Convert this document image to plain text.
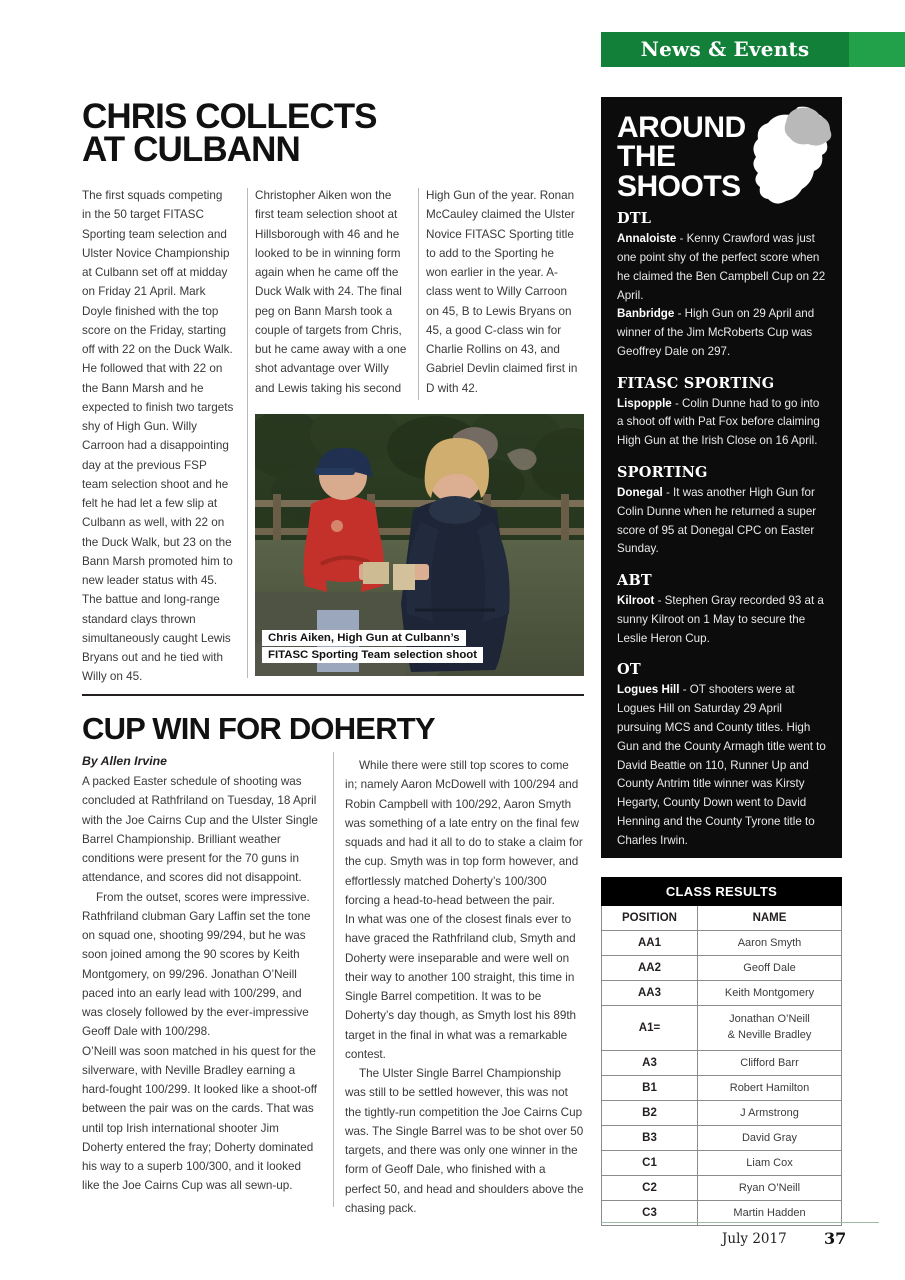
News & Events
CHRIS COLLECTS
AT CULBANN

The first squads competing in the 50 target FITASC Sporting team selection and Ulster Novice Championship at Culbann set off at midday on Friday 21 April. Mark Doyle finished with the top score on the Friday, starting off with 22 on the Duck Walk. He followed that with 22 on the Bann Marsh and he expected to finish two targets shy of High Gun. Willy Carroon had a disappointing day at the previous FSP team selection shoot and he felt he had let a few slip at Culbann as well, with 22 on the Duck Walk, but 23 on the Bann Marsh promoted him to new leader status with 45. The battue and long-range standard clays thrown simultaneously caught Lewis Bryans out and he tied with Willy on 45.

Christopher Aiken won the first team selection shoot at Hillsborough with 46 and he looked to be in winning form again when he came off the Duck Walk with 24. The final peg on Bann Marsh took a couple of targets from Chris, but he came away with a one shot advantage over Willy and Lewis taking his second

High Gun of the year. Ronan McCauley claimed the Ulster Novice FITASC Sporting title to add to the Sporting he won earlier in the year. A-class went to Willy Carroon on 45, B to Lewis Bryans on 45, a good C-class win for Charlie Rollins on 43, and Gabriel Devlin claimed first in D with 42.

Chris Aiken, High Gun at Culbann’s
FITASC Sporting Team selection shoot
CUP WIN FOR DOHERTY
By Allen Irvine

A packed Easter schedule of shooting was concluded at Rathfriland on Tuesday, 18 April with the Joe Cairns Cup and the Ulster Single Barrel Championship. Brilliant weather conditions were present for the 70 guns in attendance, and scores did not disappoint.

From the outset, scores were impressive. Rathfriland clubman Gary Laffin set the tone on squad one, shooting 99/294, but he was soon joined among the 90 scores by Keith Montgomery, on 99/296. Jonathan O’Neill paced into an early lead with 100/299, and was closely followed by the ever-impressive Geoff Dale with 100/298.

O’Neill was soon matched in his quest for the silverware, with Neville Bradley earning a hard-fought 100/299. It looked like a shoot-off between the pair was on the cards. That was until top Irish international shooter Jim Doherty entered the fray; Doherty dominated his way to a superb 100/300, and it looked like the Joe Cairns Cup was all sewn-up.

While there were still top scores to come in; namely Aaron McDowell with 100/294 and Robin Campbell with 100/292, Aaron Smyth was something of a late entry on the final few squads and had it all to do to stake a claim for the cup. Smyth was in top form however, and effortlessly matched Doherty’s 100/300 forcing a head-to-head between the pair.

In what was one of the closest finals ever to have graced the Rathfriland club, Smyth and Doherty were inseparable and were well on their way to another 100 straight, this time in Single Barrel competition. It was to be Doherty’s day though, as Smyth lost his 89th target in the final in what was a remarkable contest.

The Ulster Single Barrel Championship was still to be settled however, this was not the tightly-run competition the Joe Cairns Cup was. The Single Barrel was to be shot over 50 targets, and there was only one winner in the form of Geoff Dale, who finished with a perfect 50, and head and shoulders above the chasing pack.

AROUND
THE
SHOOTS
DTL

Annaloiste - Kenny Crawford was just one point shy of the perfect score when he claimed the Ben Campbell Cup on 22 April.

Banbridge - High Gun on 29 April and winner of the Jim McRoberts Cup was Geoffrey Dale on 297.

FITASC SPORTING

Lispopple - Colin Dunne had to go into a shoot off with Pat Fox before claiming High Gun at the Irish Close on 16 April.

SPORTING

Donegal - It was another High Gun for Colin Dunne when he returned a super score of 95 at Donegal CPC on Easter Sunday.

ABT

Kilroot - Stephen Gray recorded 93 at a sunny Kilroot on 1 May to secure the Leslie Heron Cup.

OT

Logues Hill - OT shooters were at Logues Hill on Saturday 29 April pursuing MCS and County titles. High Gun and the County Armagh title went to David Beattie on 110, Runner Up and County Antrim title winner was Kirsty Hegarty, County Down went to David Henning and the County Tyrone title to Charles Irwin.

CLASS RESULTS	
POSITION	NAME
AA1	Aaron Smyth
AA2	Geoff Dale
AA3	Keith Montgomery
A1=	Jonathan O’Neill
& Neville Bradley

A3	Clifford Barr
B1	Robert Hamilton
B2	J Armstrong
B3	David Gray
C1	Liam Cox
C2	Ryan O’Neill
C3	Martin Hadden
July 2017 37
